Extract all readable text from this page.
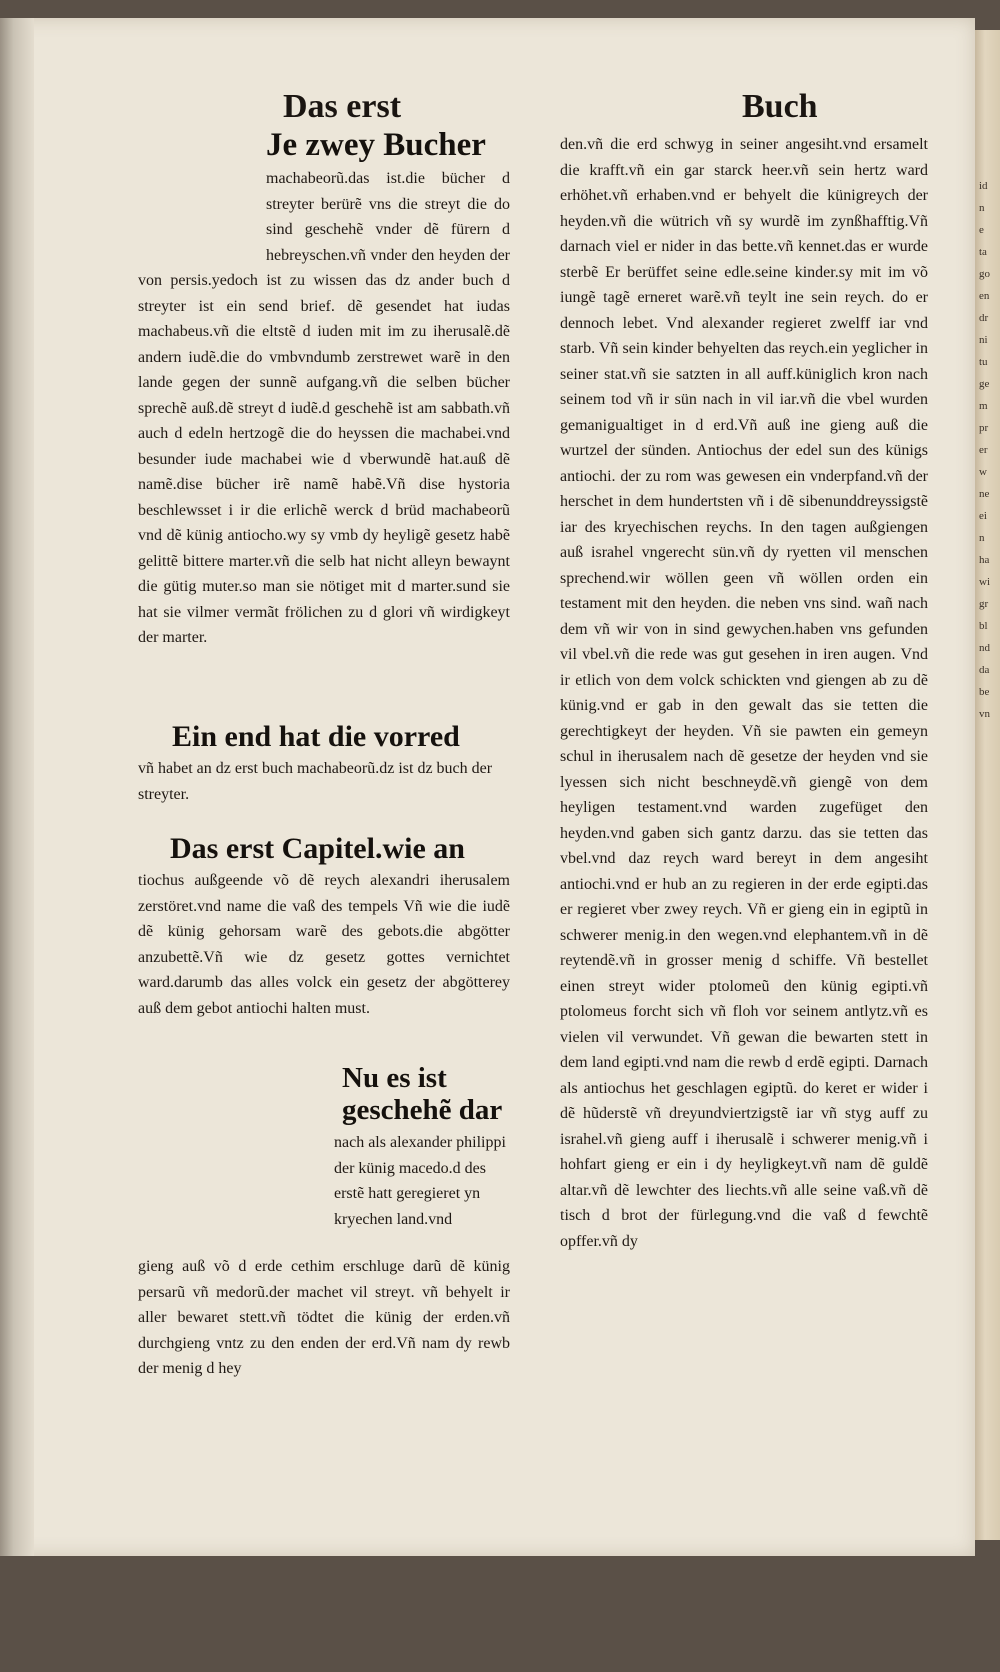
Das erst	Buch

Je zwey Bucher

machabeorũ.das ist.die bücher d streyter berürẽ vns die streyt die do sind geschehẽ vnder dẽ fürern d hebreyschen.vñ vnder den heyden der von persis.yedoch ist zu wissen das dz ander buch d streyter ist ein send brief. dẽ gesendet hat iudas machabeus.vñ die eltstẽ d iuden mit im zu iherusalẽ.dẽ andern iudẽ.die do vmbvndumb zerstrewet warẽ in den lande gegen der sunnẽ aufgang.vñ die selben bücher sprechẽ auß.dẽ streyt d iudẽ.d geschehẽ ist am sabbath.vñ auch d edeln hertzogẽ die do heyssen die machabei.vnd besunder iude machabei wie d vberwundẽ hat.auß dẽ namẽ.dise bücher irẽ namẽ habẽ.Vñ dise hystoria beschlewsset i ir die erlichẽ werck d brüd machabeorũ vnd dẽ künig antiocho.wy sy vmb dy heyligẽ gesetz habẽ gelittẽ bittere marter.vñ die selb hat nicht alleyn bewaynt die gütig muter.so man sie nötiget mit d marter.sund sie hat sie vilmer vermãt frölichen zu d glori vñ wirdigkeyt der marter.

Ein end hat die vorred

vñ habet an dz erst buch machabeorũ.dz ist dz buch der streyter.

Das erst Capitel.wie an

tiochus außgeende võ dẽ reych alexandri iherusalem zerstöret.vnd name die vaß des tempels Vñ wie die iudẽ dẽ künig gehorsam warẽ des gebots.die abgötter anzubettẽ.Vñ wie dz gesetz gottes vernichtet ward.darumb das alles volck ein gesetz der abgötterey auß dem gebot antiochi halten must.

Nu es ist geschehẽ dar

nach als alexander philippi der künig macedo.d des erstẽ hatt geregieret yn kryechen land.vnd

gieng auß võ d erde cethim erschluge darũ dẽ künig persarũ vñ medorũ.der machet vil streyt. vñ behyelt ir aller bewaret stett.vñ tödtet die künig der erden.vñ durchgieng vntz zu den enden der erd.Vñ nam dy rewb der menig d hey

den.vñ die erd schwyg in seiner angesiht.vnd ersamelt die krafft.vñ ein gar starck heer.vñ sein hertz ward erhöhet.vñ erhaben.vnd er behyelt die künigreych der heyden.vñ die wütrich vñ sy wurdẽ im zynßhafftig.Vñ darnach viel er nider in das bette.vñ kennet.das er wurde sterbẽ Er berüffet seine edle.seine kinder.sy mit im võ iungẽ tagẽ erneret warẽ.vñ teylt ine sein reych. do er dennoch lebet. Vnd alexander regieret zwelff iar vnd starb. Vñ sein kinder behyelten das reych.ein yeglicher in seiner stat.vñ sie satzten in all auff.küniglich kron nach seinem tod vñ ir sün nach in vil iar.vñ die vbel wurden gemanigualtiget in d erd.Vñ auß ine gieng auß die wurtzel der sünden. Antiochus der edel sun des künigs antiochi. der zu rom was gewesen ein vnderpfand.vñ der herschet in dem hundertsten vñ i dẽ sibenunddreyssigstẽ iar des kryechischen reychs. In den tagen außgiengen auß israhel vngerecht sün.vñ dy ryetten vil menschen sprechend.wir wöllen geen vñ wöllen orden ein testament mit den heyden. die neben vns sind. wañ nach dem vñ wir von in sind gewychen.haben vns gefunden vil vbel.vñ die rede was gut gesehen in iren augen. Vnd ir etlich von dem volck schickten vnd giengen ab zu dẽ künig.vnd er gab in den gewalt das sie tetten die gerechtigkeyt der heyden. Vñ sie pawten ein gemeyn schul in iherusalem nach dẽ gesetze der heyden vnd sie lyessen sich nicht beschneydẽ.vñ giengẽ von dem heyligen testament.vnd warden zugefüget den heyden.vnd gaben sich gantz darzu. das sie tetten das vbel.vnd daz reych ward bereyt in dem angesiht antiochi.vnd er hub an zu regieren in der erde egipti.das er regieret vber zwey reych. Vñ er gieng ein in egiptũ in schwerer menig.in den wegen.vnd elephantem.vñ in dẽ reytendẽ.vñ in grosser menig d schiffe. Vñ bestellet einen streyt wider ptolomeũ den künig egipti.vñ ptolomeus forcht sich vñ floh vor seinem antlytz.vñ es vielen vil verwundet. Vñ gewan die bewarten stett in dem land egipti.vnd nam die rewb d erdẽ egipti. Darnach als antiochus het geschlagen egiptũ. do keret er wider i dẽ hũderstẽ vñ dreyundviertzigstẽ iar vñ styg auff zu israhel.vñ gieng auff i iherusalẽ i schwerer menig.vñ i hohfart gieng er ein i dy heyligkeyt.vñ nam dẽ guldẽ altar.vñ dẽ lewchter des liechts.vñ alle seine vaß.vñ dẽ tisch d brot der fürlegung.vnd die vaß d fewchtẽ opffer.vñ dy

id
n
e
ta
go
en
dr
ni
tu
ge
m
pr
er
w
ne
ei
n
ha
wi
gr
bl
nd
da
be
vn
